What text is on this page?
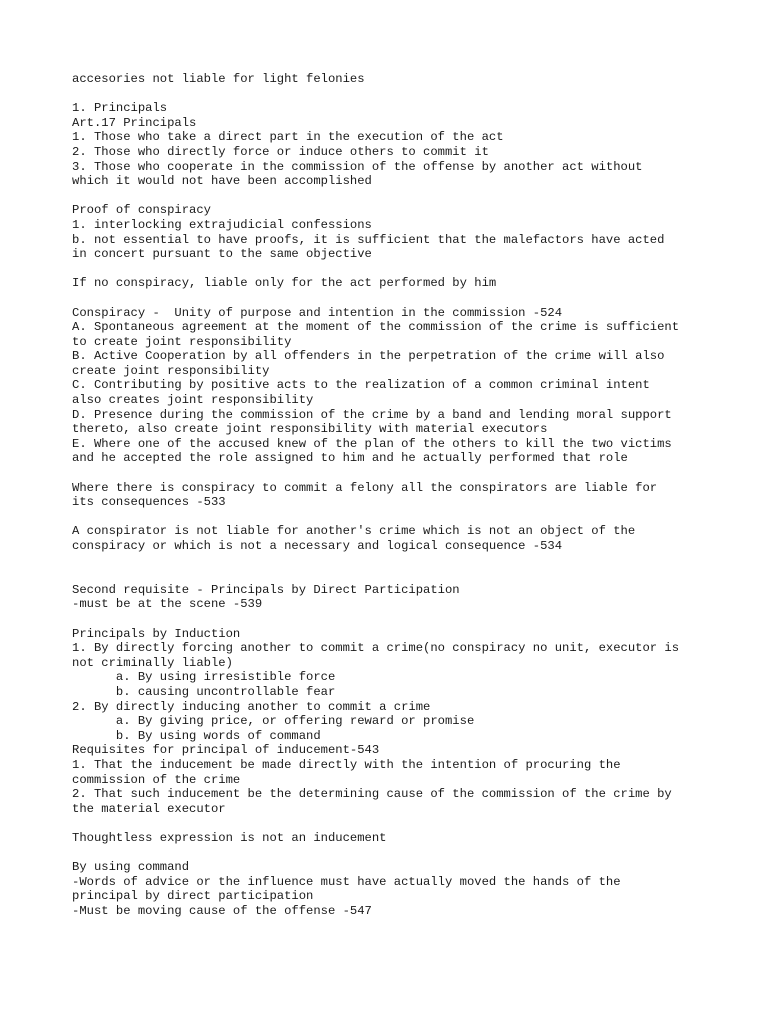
accesories not liable for light felonies
1. Principals
Art.17 Principals
1. Those who take a direct part in the execution of the act
2. Those who directly force or induce others to commit it
3. Those who cooperate in the commission of the offense by another act without
which it would not have been accomplished
Proof of conspiracy
1. interlocking extrajudicial confessions
b. not essential to have proofs, it is sufficient that the malefactors have acted
in concert pursuant to the same objective
If no conspiracy, liable only for the act performed by him
Conspiracy -  Unity of purpose and intention in the commission -524
A. Spontaneous agreement at the moment of the commission of the crime is sufficient
to create joint responsibility
B. Active Cooperation by all offenders in the perpetration of the crime will also
create joint responsibility
C. Contributing by positive acts to the realization of a common criminal intent
also creates joint responsibility
D. Presence during the commission of the crime by a band and lending moral support
thereto, also create joint responsibility with material executors
E. Where one of the accused knew of the plan of the others to kill the two victims
and he accepted the role assigned to him and he actually performed that role
Where there is conspiracy to commit a felony all the conspirators are liable for
its consequences -533
A conspirator is not liable for another's crime which is not an object of the
conspiracy or which is not a necessary and logical consequence -534
Second requisite - Principals by Direct Participation
-must be at the scene -539
Principals by Induction
1. By directly forcing another to commit a crime(no conspiracy no unit, executor is
not criminally liable)
a. By using irresistible force
b. causing uncontrollable fear
2. By directly inducing another to commit a crime
a. By giving price, or offering reward or promise
b. By using words of command
Requisites for principal of inducement-543
1. That the inducement be made directly with the intention of procuring the
commission of the crime
2. That such inducement be the determining cause of the commission of the crime by
the material executor
Thoughtless expression is not an inducement
By using command
-Words of advice or the influence must have actually moved the hands of the
principal by direct participation
-Must be moving cause of the offense -547
